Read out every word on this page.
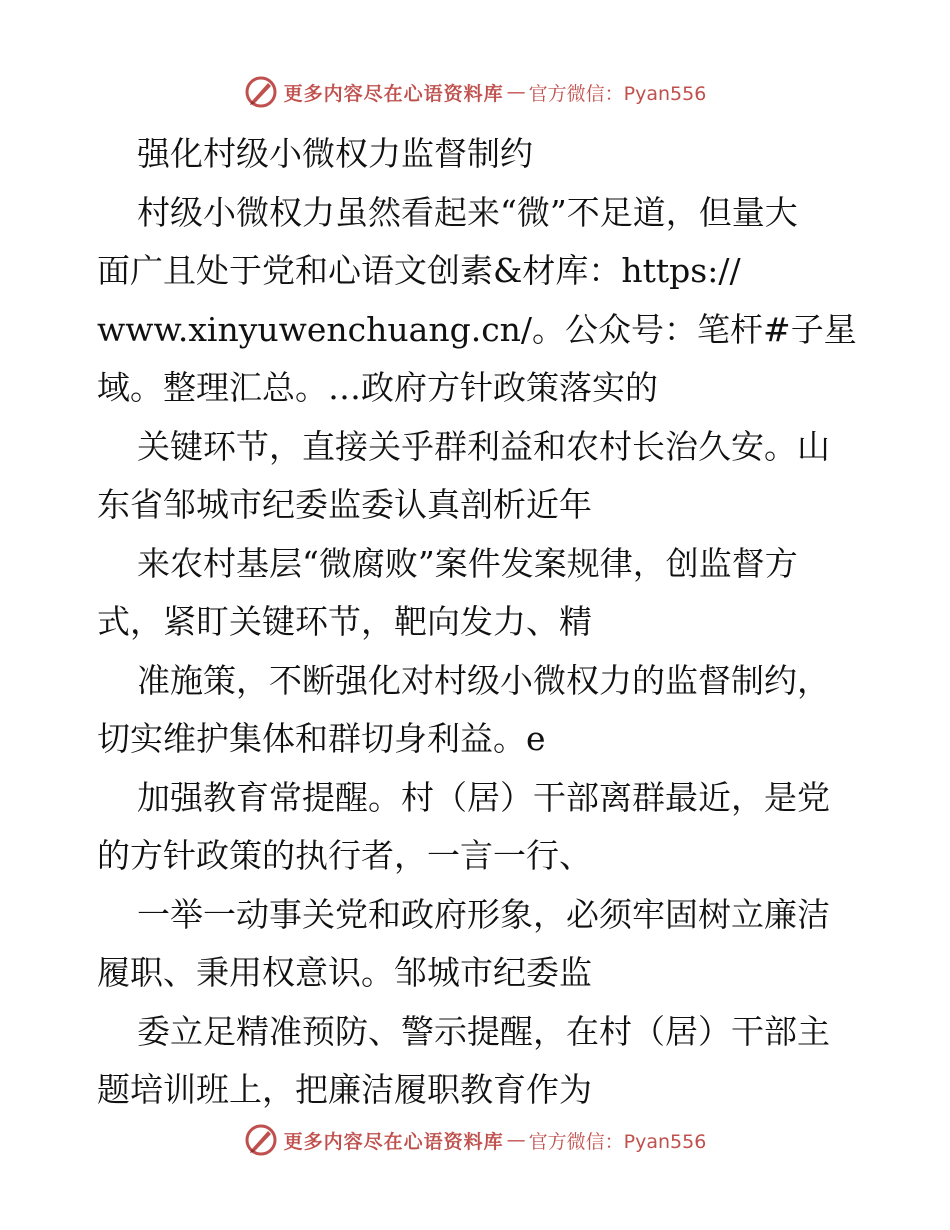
更多内容尽在心语资料库 — 官方微信：Pyan556

强化村级小微权力监督制约

村级小微权力虽然看起来“微”不足道，但量大

面广且处于党和心语文创素&材库：https://

www.xinyuwenchuang.cn/。公众号：笔杆#子星

域。整理汇总。…政府方针政策落实的

关键环节，直接关乎群利益和农村长治久安。山

东省邹城市纪委监委认真剖析近年

来农村基层“微腐败”案件发案规律，创监督方

式，紧盯关键环节，靶向发力、精

准施策，不断强化对村级小微权力的监督制约，

切实维护集体和群切身利益。e

加强教育常提醒。村（居）干部离群最近，是党

的方针政策的执行者，一言一行、

一举一动事关党和政府形象，必须牢固树立廉洁

履职、秉用权意识。邹城市纪委监

委立足精准预防、警示提醒，在村（居）干部主

题培训班上，把廉洁履职教育作为

更多内容尽在心语资料库 — 官方微信：Pyan556
